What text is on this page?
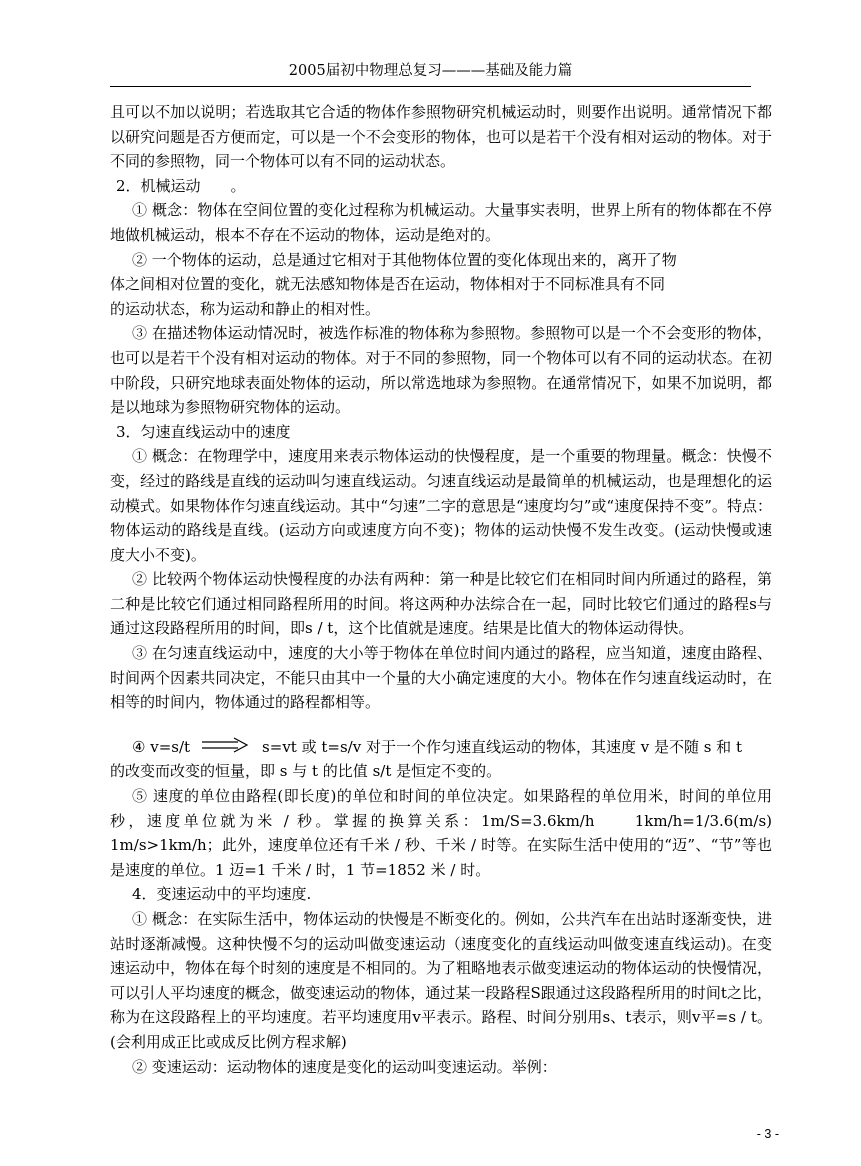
2005届初中物理总复习———基础及能力篇

且可以不加以说明；若选取其它合适的物体作参照物研究机械运动时，则要作出说明。通常情况下都以研究问题是否方便而定，可以是一个不会变形的物体，也可以是若干个没有相对运动的物体。对于不同的参照物，同一个物体可以有不同的运动状态。

2．机械运动　　。

① 概念：物体在空间位置的变化过程称为机械运动。大量事实表明，世界上所有的物体都在不停地做机械运动，根本不存在不运动的物体，运动是绝对的。

② 一个物体的运动，总是通过它相对于其他物体位置的变化体现出来的，离开了物

体之间相对位置的变化，就无法感知物体是否在运动，物体相对于不同标准具有不同

的运动状态，称为运动和静止的相对性。

③ 在描述物体运动情况时，被选作标准的物体称为参照物。参照物可以是一个不会变形的物体，也可以是若干个没有相对运动的物体。对于不同的参照物，同一个物体可以有不同的运动状态。在初中阶段，只研究地球表面处物体的运动，所以常选地球为参照物。在通常情况下，如果不加说明，都是以地球为参照物研究物体的运动。

3．匀速直线运动中的速度

① 概念：在物理学中，速度用来表示物体运动的快慢程度，是一个重要的物理量。概念：快慢不变，经过的路线是直线的运动叫匀速直线运动。匀速直线运动是最简单的机械运动，也是理想化的运动模式。如果物体作匀速直线运动。其中“匀速”二字的意思是“速度均匀”或“速度保持不变”。特点：物体运动的路线是直线。(运动方向或速度方向不变)；物体的运动快慢不发生改变。(运动快慢或速度大小不变)。

② 比较两个物体运动快慢程度的办法有两种：第一种是比较它们在相同时间内所通过的路程，第二种是比较它们通过相同路程所用的时间。将这两种办法综合在一起，同时比较它们通过的路程s与通过这段路程所用的时间，即s / t，这个比值就是速度。结果是比值大的物体运动得快。

③ 在匀速直线运动中，速度的大小等于物体在单位时间内通过的路程，应当知道，速度由路程、时间两个因素共同决定，不能只由其中一个量的大小确定速度的大小。物体在作匀速直线运动时，在相等的时间内，物体通过的路程都相等。

④ v=s/t	s=vt 或 t=s/v 对于一个作匀速直线运动的物体，其速度 v 是不随 s 和 t

的改变而改变的恒量，即 s 与 t 的比值 s/t 是恒定不变的。

⑤ 速度的单位由路程(即长度)的单位和时间的单位决定。如果路程的单位用米，时间的单位用秒，速度单位就为米 / 秒。掌握的换算关系：1m/S=3.6km/h　　1km/h=1/3.6(m/s)　1m/s>1km/h；此外，速度单位还有千米 / 秒、千米 / 时等。在实际生活中使用的“迈”、“节”等也是速度的单位。1 迈=1 千米 / 时，1 节=1852 米 / 时。

4．变速运动中的平均速度.

① 概念：在实际生活中，物体运动的快慢是不断变化的。例如，公共汽车在出站时逐渐变快，进站时逐渐减慢。这种快慢不匀的运动叫做变速运动（速度变化的直线运动叫做变速直线运动)。在变速运动中，物体在每个时刻的速度是不相同的。为了粗略地表示做变速运动的物体运动的快慢情况，可以引人平均速度的概念，做变速运动的物体，通过某一段路程S跟通过这段路程所用的时间t之比，称为在这段路程上的平均速度。若平均速度用v平表示。路程、时间分别用s、t表示，则v平=s / t。(会利用成正比或成反比例方程求解)

② 变速运动：运动物体的速度是变化的运动叫变速运动。举例：

- 3 -
